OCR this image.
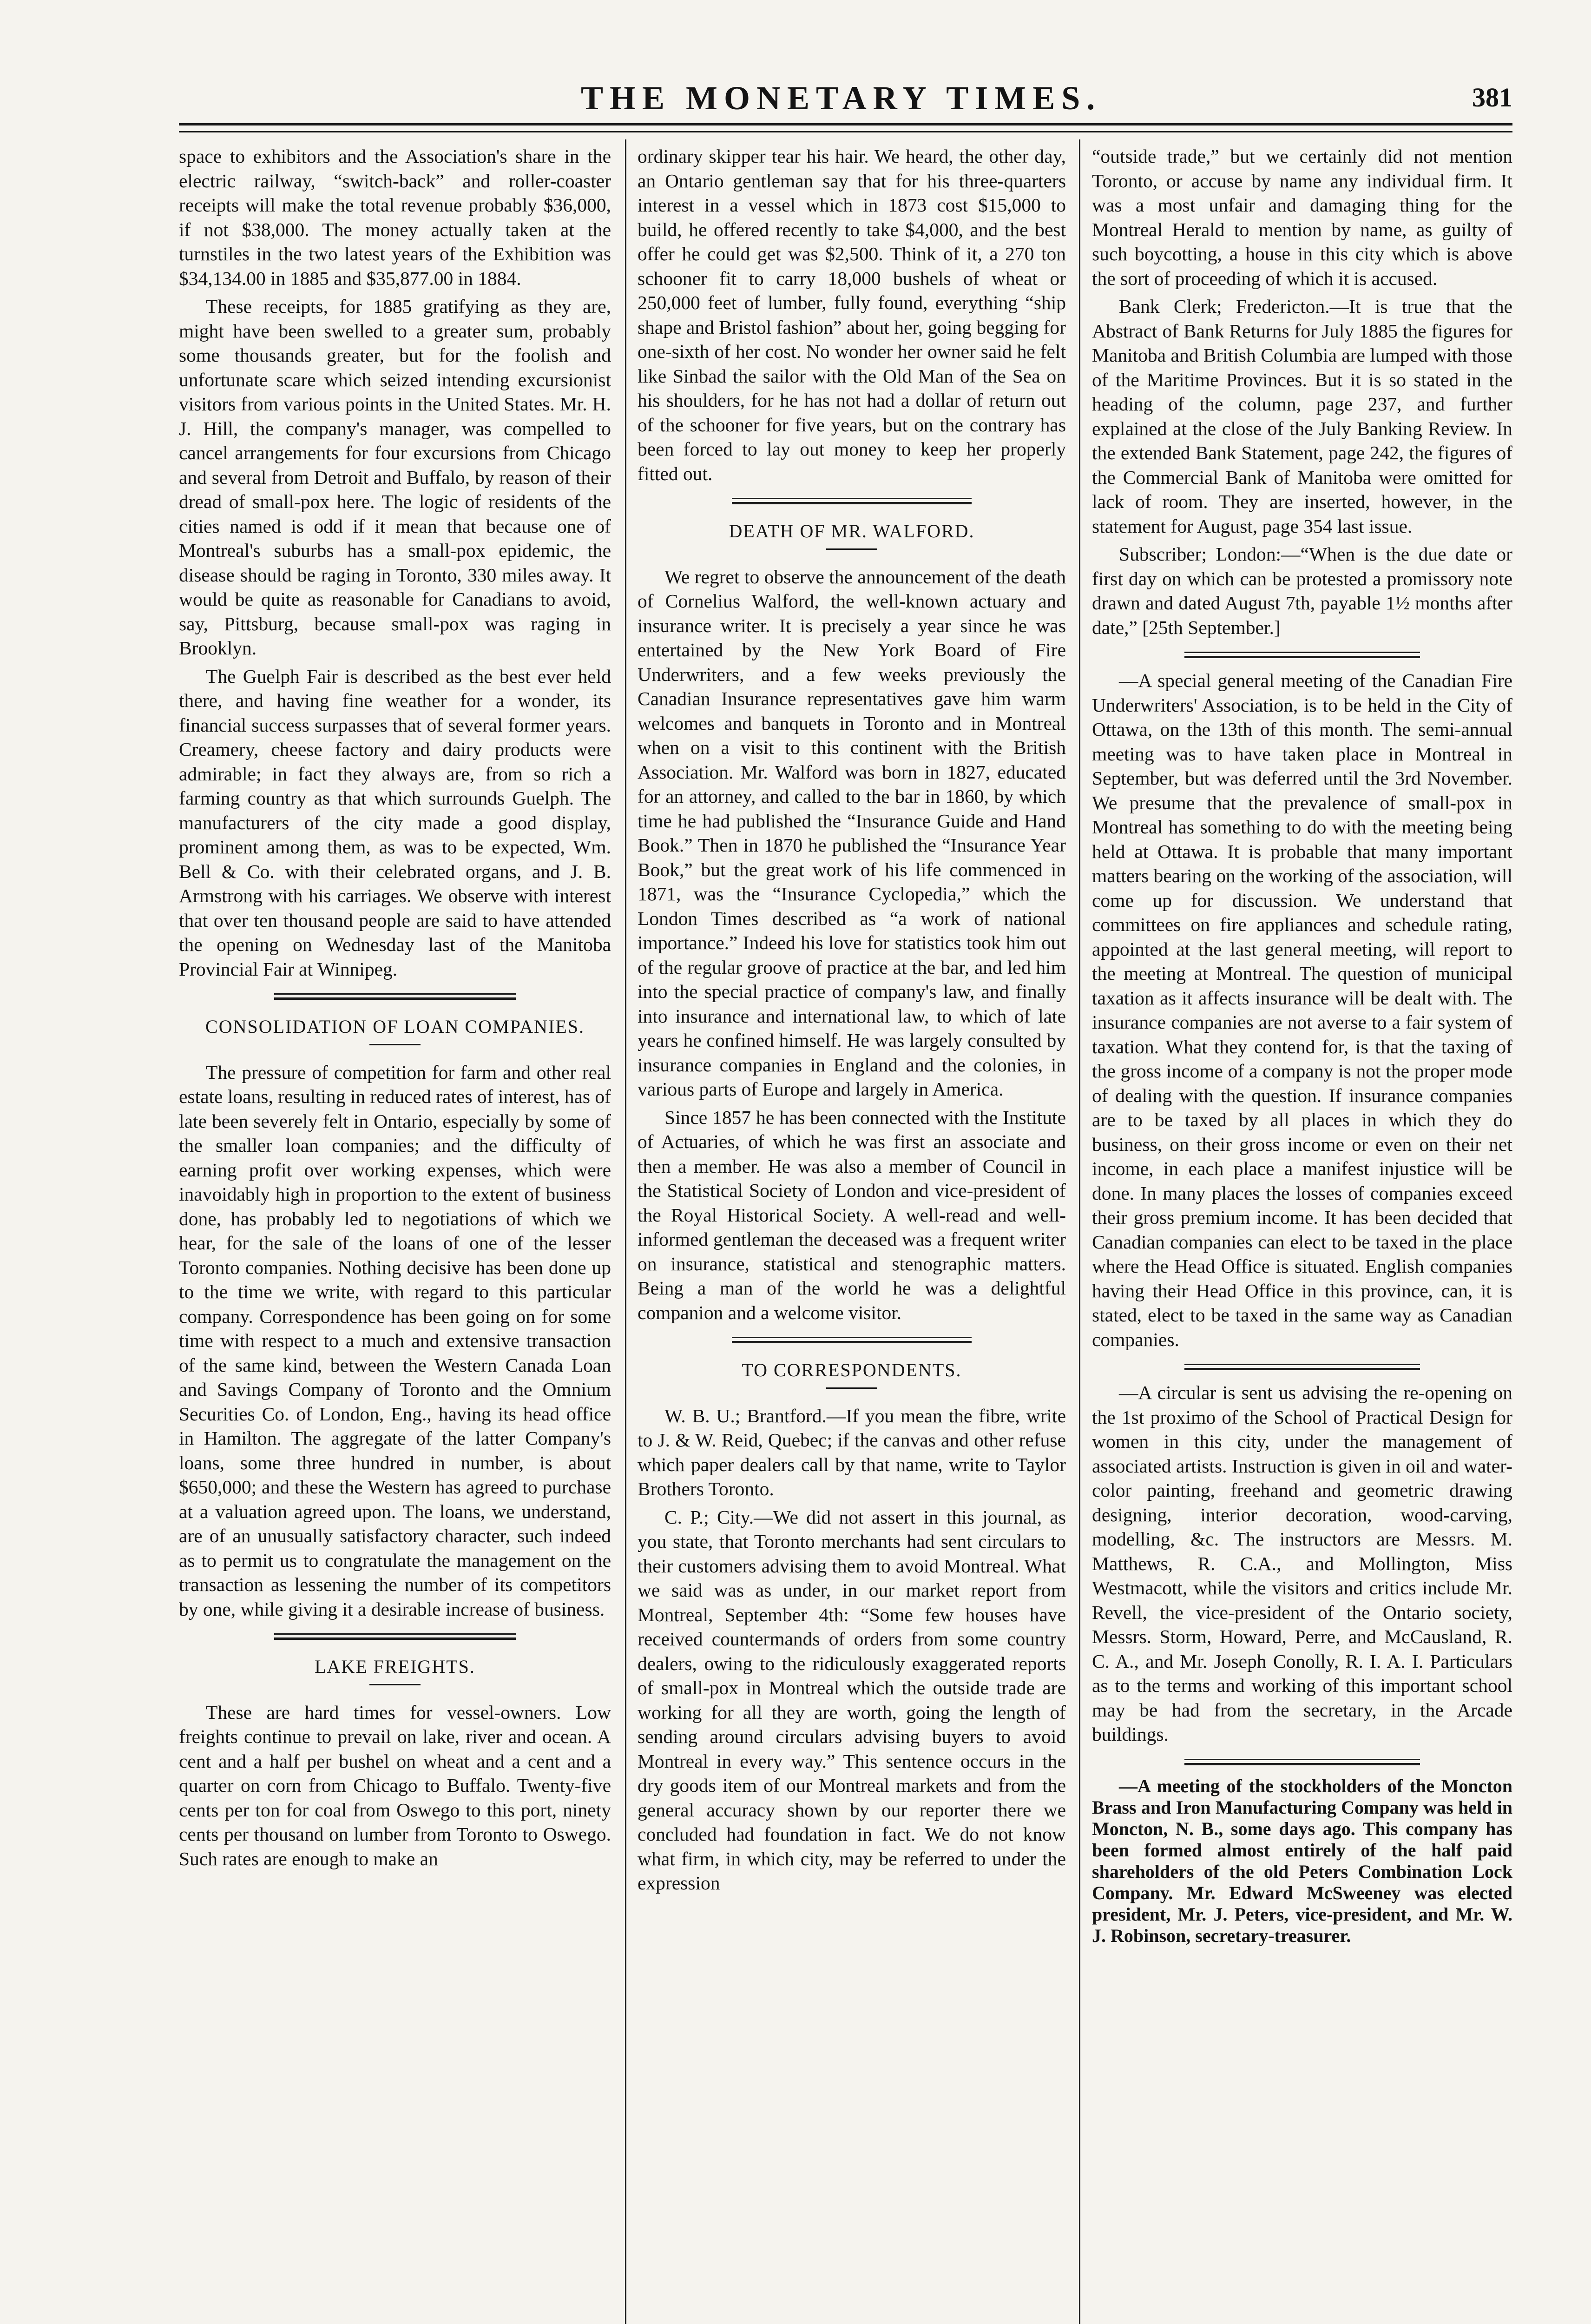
THE MONETARY TIMES.	381

space to exhibitors and the Association's share in the electric railway, “switch-back” and roller-coaster receipts will make the total revenue probably $36,000, if not $38,000. The money actually taken at the turnstiles in the two latest years of the Exhibition was $34,134.00 in 1885 and $35,877.00 in 1884.

These receipts, for 1885 gratifying as they are, might have been swelled to a greater sum, probably some thousands greater, but for the foolish and unfortunate scare which seized intending excursionist visitors from various points in the United States. Mr. H. J. Hill, the company's manager, was compelled to cancel arrangements for four excursions from Chicago and several from Detroit and Buffalo, by reason of their dread of small-pox here. The logic of residents of the cities named is odd if it mean that because one of Montreal's suburbs has a small-pox epidemic, the disease should be raging in Toronto, 330 miles away. It would be quite as reasonable for Canadians to avoid, say, Pittsburg, because small-pox was raging in Brooklyn.

The Guelph Fair is described as the best ever held there, and having fine weather for a wonder, its financial success surpasses that of several former years. Creamery, cheese factory and dairy products were admirable; in fact they always are, from so rich a farming country as that which surrounds Guelph. The manufacturers of the city made a good display, prominent among them, as was to be expected, Wm. Bell & Co. with their celebrated organs, and J. B. Armstrong with his carriages. We observe with interest that over ten thousand people are said to have attended the opening on Wednesday last of the Manitoba Provincial Fair at Winnipeg.

CONSOLIDATION OF LOAN COMPANIES.

The pressure of competition for farm and other real estate loans, resulting in reduced rates of interest, has of late been severely felt in Ontario, especially by some of the smaller loan companies; and the difficulty of earning profit over working expenses, which were inavoidably high in proportion to the extent of business done, has probably led to negotiations of which we hear, for the sale of the loans of one of the lesser Toronto companies. Nothing decisive has been done up to the time we write, with regard to this particular company. Correspondence has been going on for some time with respect to a much and extensive transaction of the same kind, between the Western Canada Loan and Savings Company of Toronto and the Omnium Securities Co. of London, Eng., having its head office in Hamilton. The aggregate of the latter Company's loans, some three hundred in number, is about $650,000; and these the Western has agreed to purchase at a valuation agreed upon. The loans, we understand, are of an unusually satisfactory character, such indeed as to permit us to congratulate the management on the transaction as lessening the number of its competitors by one, while giving it a desirable increase of business.

LAKE FREIGHTS.

These are hard times for vessel-owners. Low freights continue to prevail on lake, river and ocean. A cent and a half per bushel on wheat and a cent and a quarter on corn from Chicago to Buffalo. Twenty-five cents per ton for coal from Oswego to this port, ninety cents per thousand on lumber from Toronto to Oswego. Such rates are enough to make an

ordinary skipper tear his hair. We heard, the other day, an Ontario gentleman say that for his three-quarters interest in a vessel which in 1873 cost $15,000 to build, he offered recently to take $4,000, and the best offer he could get was $2,500. Think of it, a 270 ton schooner fit to carry 18,000 bushels of wheat or 250,000 feet of lumber, fully found, everything “ship shape and Bristol fashion” about her, going begging for one-sixth of her cost. No wonder her owner said he felt like Sinbad the sailor with the Old Man of the Sea on his shoulders, for he has not had a dollar of return out of the schooner for five years, but on the contrary has been forced to lay out money to keep her properly fitted out.

DEATH OF MR. WALFORD.

We regret to observe the announcement of the death of Cornelius Walford, the well-known actuary and insurance writer. It is precisely a year since he was entertained by the New York Board of Fire Underwriters, and a few weeks previously the Canadian Insurance representatives gave him warm welcomes and banquets in Toronto and in Montreal when on a visit to this continent with the British Association. Mr. Walford was born in 1827, educated for an attorney, and called to the bar in 1860, by which time he had published the “Insurance Guide and Hand Book.” Then in 1870 he published the “Insurance Year Book,” but the great work of his life commenced in 1871, was the “Insurance Cyclopedia,” which the London Times described as “a work of national importance.” Indeed his love for statistics took him out of the regular groove of practice at the bar, and led him into the special practice of company's law, and finally into insurance and international law, to which of late years he confined himself. He was largely consulted by insurance companies in England and the colonies, in various parts of Europe and largely in America.

Since 1857 he has been connected with the Institute of Actuaries, of which he was first an associate and then a member. He was also a member of Council in the Statistical Society of London and vice-president of the Royal Historical Society. A well-read and well-informed gentleman the deceased was a frequent writer on insurance, statistical and stenographic matters. Being a man of the world he was a delightful companion and a welcome visitor.

TO CORRESPONDENTS.

W. B. U.; Brantford.—If you mean the fibre, write to J. & W. Reid, Quebec; if the canvas and other refuse which paper dealers call by that name, write to Taylor Brothers Toronto.

C. P.; City.—We did not assert in this journal, as you state, that Toronto merchants had sent circulars to their customers advising them to avoid Montreal. What we said was as under, in our market report from Montreal, September 4th: “Some few houses have received countermands of orders from some country dealers, owing to the ridiculously exaggerated reports of small-pox in Montreal which the outside trade are working for all they are worth, going the length of sending around circulars advising buyers to avoid Montreal in every way.” This sentence occurs in the dry goods item of our Montreal markets and from the general accuracy shown by our reporter there we concluded had foundation in fact. We do not know what firm, in which city, may be referred to under the expression

“outside trade,” but we certainly did not mention Toronto, or accuse by name any individual firm. It was a most unfair and damaging thing for the Montreal Herald to mention by name, as guilty of such boycotting, a house in this city which is above the sort of proceeding of which it is accused.

Bank Clerk; Fredericton.—It is true that the Abstract of Bank Returns for July 1885 the figures for Manitoba and British Columbia are lumped with those of the Maritime Provinces. But it is so stated in the heading of the column, page 237, and further explained at the close of the July Banking Review. In the extended Bank Statement, page 242, the figures of the Commercial Bank of Manitoba were omitted for lack of room. They are inserted, however, in the statement for August, page 354 last issue.

Subscriber; London:—“When is the due date or first day on which can be protested a promissory note drawn and dated August 7th, payable 1½ months after date,” [25th September.]

—A special general meeting of the Canadian Fire Underwriters' Association, is to be held in the City of Ottawa, on the 13th of this month. The semi-annual meeting was to have taken place in Montreal in September, but was deferred until the 3rd November. We presume that the prevalence of small-pox in Montreal has something to do with the meeting being held at Ottawa. It is probable that many important matters bearing on the working of the association, will come up for discussion. We understand that committees on fire appliances and schedule rating, appointed at the last general meeting, will report to the meeting at Montreal. The question of municipal taxation as it affects insurance will be dealt with. The insurance companies are not averse to a fair system of taxation. What they contend for, is that the taxing of the gross income of a company is not the proper mode of dealing with the question. If insurance companies are to be taxed by all places in which they do business, on their gross income or even on their net income, in each place a manifest injustice will be done. In many places the losses of companies exceed their gross premium income. It has been decided that Canadian companies can elect to be taxed in the place where the Head Office is situated. English companies having their Head Office in this province, can, it is stated, elect to be taxed in the same way as Canadian companies.

—A circular is sent us advising the re-opening on the 1st proximo of the School of Practical Design for women in this city, under the management of associated artists. Instruction is given in oil and water-color painting, freehand and geometric drawing designing, interior decoration, wood-carving, modelling, &c. The instructors are Messrs. M. Matthews, R. C.A., and Mollington, Miss Westmacott, while the visitors and critics include Mr. Revell, the vice-president of the Ontario society, Messrs. Storm, Howard, Perre, and McCausland, R. C. A., and Mr. Joseph Conolly, R. I. A. I. Particulars as to the terms and working of this important school may be had from the secretary, in the Arcade buildings.

—A meeting of the stockholders of the Moncton Brass and Iron Manufacturing Company was held in Moncton, N. B., some days ago. This company has been formed almost entirely of the half paid shareholders of the old Peters Combination Lock Company. Mr. Edward McSweeney was elected president, Mr. J. Peters, vice-president, and Mr. W. J. Robinson, secretary-treasurer.
